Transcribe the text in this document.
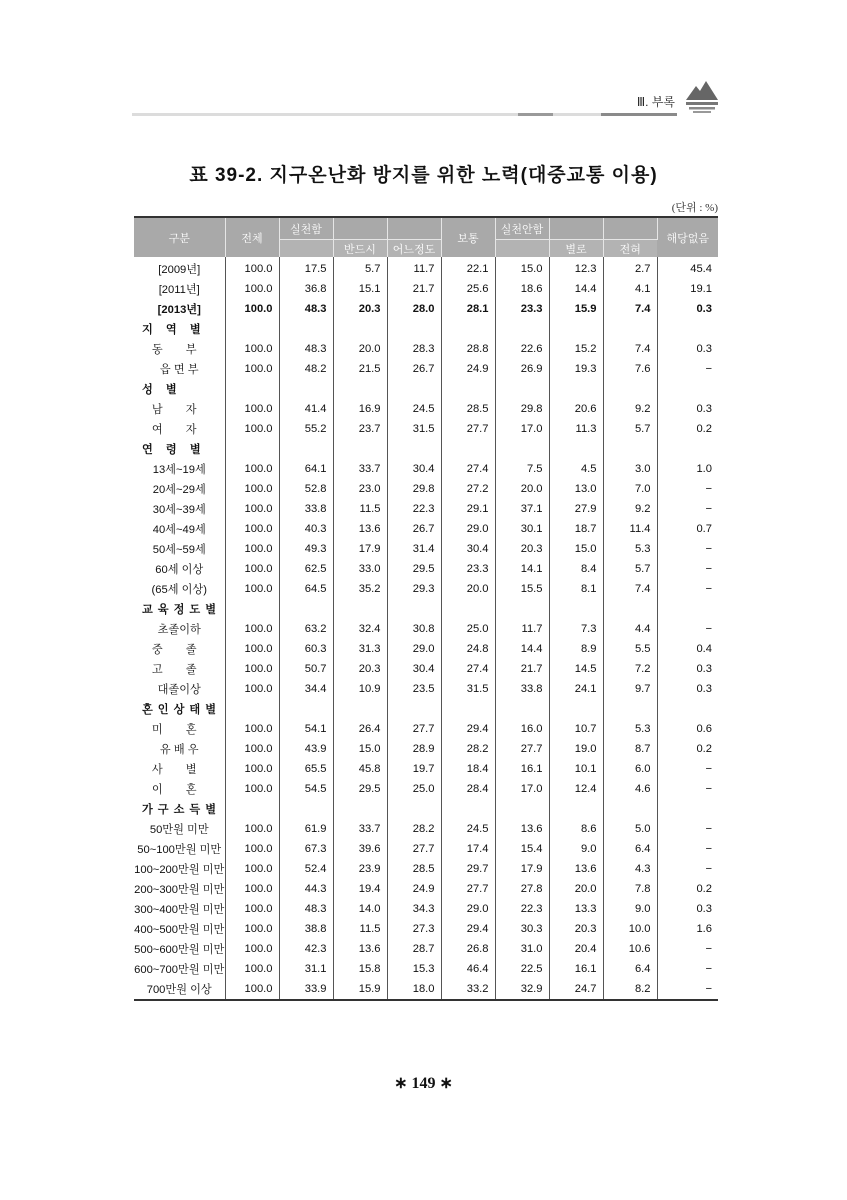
Ⅲ. 부록
표 39-2. 지구온난화 방지를 위한 노력(대중교통 이용)
(단위 : %)
구분	전체	실천함			보통	실천안함			해당없음
			반드시	어느정도			별로	전혀	
[2009년]	100.0	17.5	5.7	11.7	22.1	15.0	12.3	2.7	45.4
[2011년]	100.0	36.8	15.1	21.7	25.6	18.6	14.4	4.1	19.1
[2013년]	100.0	48.3	20.3	28.0	28.1	23.3	15.9	7.4	0.3
지 역 별									
동 부	100.0	48.3	20.0	28.3	28.8	22.6	15.2	7.4	0.3
읍 면 부	100.0	48.2	21.5	26.7	24.9	26.9	19.3	7.6	−
성 별									
남 자	100.0	41.4	16.9	24.5	28.5	29.8	20.6	9.2	0.3
여 자	100.0	55.2	23.7	31.5	27.7	17.0	11.3	5.7	0.2
연 령 별									
13세~19세	100.0	64.1	33.7	30.4	27.4	7.5	4.5	3.0	1.0
20세~29세	100.0	52.8	23.0	29.8	27.2	20.0	13.0	7.0	−
30세~39세	100.0	33.8	11.5	22.3	29.1	37.1	27.9	9.2	−
40세~49세	100.0	40.3	13.6	26.7	29.0	30.1	18.7	11.4	0.7
50세~59세	100.0	49.3	17.9	31.4	30.4	20.3	15.0	5.3	−
60세 이상	100.0	62.5	33.0	29.5	23.3	14.1	8.4	5.7	−
(65세 이상)	100.0	64.5	35.2	29.3	20.0	15.5	8.1	7.4	−
교육정도별									
초졸이하	100.0	63.2	32.4	30.8	25.0	11.7	7.3	4.4	−
중 졸	100.0	60.3	31.3	29.0	24.8	14.4	8.9	5.5	0.4
고 졸	100.0	50.7	20.3	30.4	27.4	21.7	14.5	7.2	0.3
대졸이상	100.0	34.4	10.9	23.5	31.5	33.8	24.1	9.7	0.3
혼인상태별									
미 혼	100.0	54.1	26.4	27.7	29.4	16.0	10.7	5.3	0.6
유 배 우	100.0	43.9	15.0	28.9	28.2	27.7	19.0	8.7	0.2
사 별	100.0	65.5	45.8	19.7	18.4	16.1	10.1	6.0	−
이 혼	100.0	54.5	29.5	25.0	28.4	17.0	12.4	4.6	−
가구소득별									
50만원 미만	100.0	61.9	33.7	28.2	24.5	13.6	8.6	5.0	−
50~100만원 미만	100.0	67.3	39.6	27.7	17.4	15.4	9.0	6.4	−
100~200만원 미만	100.0	52.4	23.9	28.5	29.7	17.9	13.6	4.3	−
200~300만원 미만	100.0	44.3	19.4	24.9	27.7	27.8	20.0	7.8	0.2
300~400만원 미만	100.0	48.3	14.0	34.3	29.0	22.3	13.3	9.0	0.3
400~500만원 미만	100.0	38.8	11.5	27.3	29.4	30.3	20.3	10.0	1.6
500~600만원 미만	100.0	42.3	13.6	28.7	26.8	31.0	20.4	10.6	−
600~700만원 미만	100.0	31.1	15.8	15.3	46.4	22.5	16.1	6.4	−
700만원 이상	100.0	33.9	15.9	18.0	33.2	32.9	24.7	8.2	−
∗ 149 ∗
